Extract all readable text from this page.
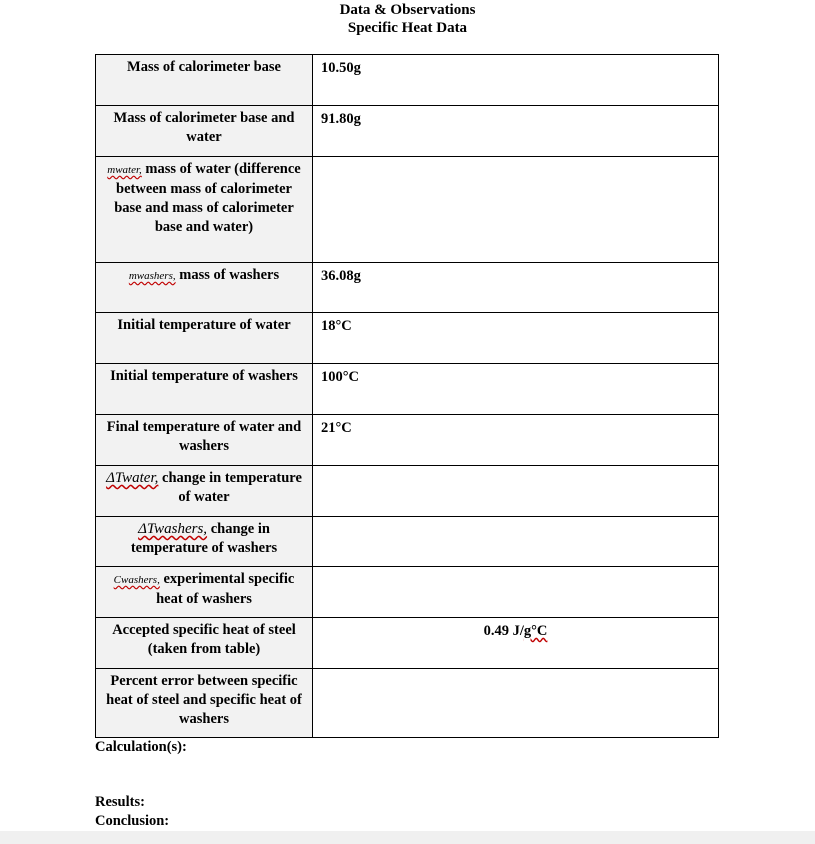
Data & Observations
Specific Heat Data
Mass of calorimeter base	10.50g
Mass of calorimeter base and water	91.80g
mwater, mass of water (difference between mass of calorimeter base and mass of calorimeter base and water)	
mwashers, mass of washers	36.08g
Initial temperature of water	18°C
Initial temperature of washers	100°C
Final temperature of water and washers	21°C
ΔTwater, change in temperature of water	
ΔTwashers, change in temperature of washers	
Cwashers, experimental specific heat of washers	
Accepted specific heat of steel (taken from table)	0.49 J/g°C
Percent error between specific heat of steel and specific heat of washers	
Calculation(s):
Results:
Conclusion:
